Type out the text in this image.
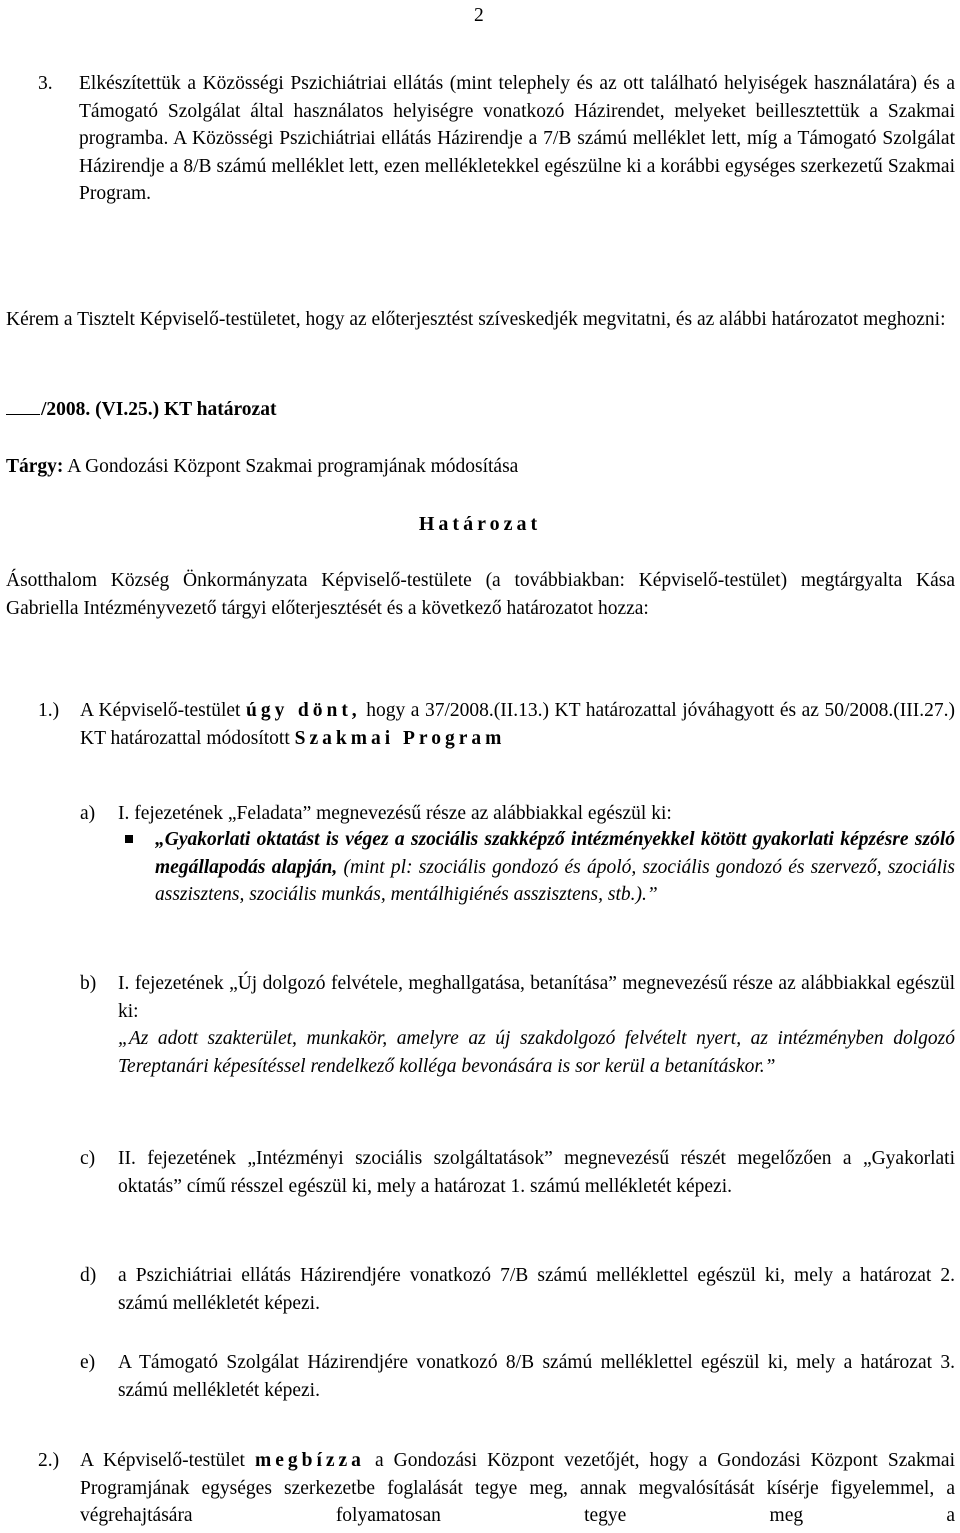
2
3.	Elkészítettük a Közösségi Pszichiátriai ellátás (mint telephely és az ott található helyiségek használatára) és a Támogató Szolgálat által használatos helyiségre vonatkozó Házirendet, melyeket beillesztettük a Szakmai programba. A Közösségi Pszichiátriai ellátás Házirendje a 7/B számú melléklet lett, míg a Támogató Szolgálat Házirendje a 8/B számú melléklet lett, ezen mellékletekkel egészülne ki a korábbi egységes szerkezetű Szakmai Program.
Kérem a Tisztelt Képviselő-testületet, hogy az előterjesztést szíveskedjék megvitatni, és az alábbi határozatot meghozni:
/2008. (VI.25.) KT határozat
Tárgy: A Gondozási Központ Szakmai programjának módosítása
Határozat
Ásotthalom Község Önkormányzata Képviselő-testülete (a továbbiakban: Képviselő-testület) megtárgyalta Kása Gabriella Intézményvezető tárgyi előterjesztését és a következő határozatot hozza:
1.) A Képviselő-testület úgy dönt, hogy a 37/2008.(II.13.) KT határozattal jóváhagyott és az 50/2008.(III.27.) KT határozattal módosított Szakmai Program
a) I. fejezetének „Feladata” megnevezésű része az alábbiakkal egészül ki:
„Gyakorlati oktatást is végez a szociális szakképző intézményekkel kötött gyakorlati képzésre szóló megállapodás alapján, (mint pl: szociális gondozó és ápoló, szociális gondozó és szervező, szociális asszisztens, szociális munkás, mentálhigiénés asszisztens, stb.).”
b) I. fejezetének „Új dolgozó felvétele, meghallgatása, betanítása” megnevezésű része az alábbiakkal egészül ki:
„Az adott szakterület, munkakör, amelyre az új szakdolgozó felvételt nyert, az intézményben dolgozó Tereptanári képesítéssel rendelkező kolléga bevonására is sor kerül a betanításkor.”
c) II. fejezetének „Intézményi szociális szolgáltatások” megnevezésű részét megelőzően a „Gyakorlati oktatás” című résszel egészül ki, mely a határozat 1. számú mellékletét képezi.
d) a Pszichiátriai ellátás Házirendjére vonatkozó 7/B számú melléklettel egészül ki, mely a határozat 2. számú mellékletét képezi.
e) A Támogató Szolgálat Házirendjére vonatkozó 8/B számú melléklettel egészül ki, mely a határozat 3. számú mellékletét képezi.
2.) A Képviselő-testület megbízza a Gondozási Központ vezetőjét, hogy a Gondozási Központ Szakmai Programjának egységes szerkezetbe foglalását tegye meg, annak megvalósítását kísérje figyelemmel, a végrehajtására folyamatosan tegye meg a
